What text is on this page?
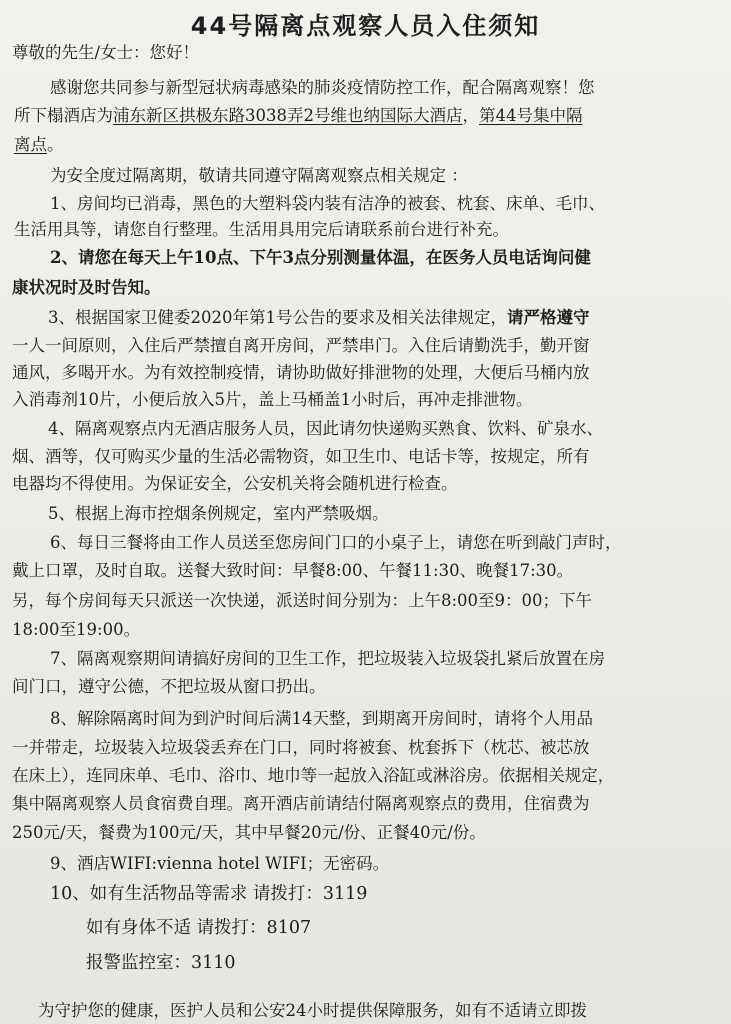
44号隔离点观察人员入住须知
尊敬的先生/女士：您好！
感谢您共同参与新型冠状病毒感染的肺炎疫情防控工作，配合隔离观察！您
所下榻酒店为浦东新区拱极东路3038弄2号维也纳国际大酒店，第44号集中隔
离点。
为安全度过隔离期，敬请共同遵守隔离观察点相关规定 ：
1、房间均已消毒，黑色的大塑料袋内装有洁净的被套、枕套、床单、毛巾、
生活用具等，请您自行整理。生活用具用完后请联系前台进行补充。
2、请您在每天上午10点、下午3点分别测量体温，在医务人员电话询问健
康状况时及时告知。
3、根据国家卫健委2020年第1号公告的要求及相关法律规定，请严格遵守
一人一间原则，入住后严禁擅自离开房间，严禁串门。入住后请勤洗手，勤开窗
通风，多喝开水。为有效控制疫情，请协助做好排泄物的处理，大便后马桶内放
入消毒剂10片，小便后放入5片，盖上马桶盖1小时后，再冲走排泄物。
4、隔离观察点内无酒店服务人员，因此请勿快递购买熟食、饮料、矿泉水、
烟、酒等，仅可购买少量的生活必需物资，如卫生巾、电话卡等，按规定，所有
电器均不得使用。为保证安全，公安机关将会随机进行检查。
5、根据上海市控烟条例规定，室内严禁吸烟。
6、每日三餐将由工作人员送至您房间门口的小桌子上，请您在听到敲门声时，
戴上口罩，及时自取。送餐大致时间：早餐8:00、午餐11:30、晚餐17:30。
另，每个房间每天只派送一次快递，派送时间分别为：上午8:00至9：00；下午
18:00至19:00。
7、隔离观察期间请搞好房间的卫生工作，把垃圾装入垃圾袋扎紧后放置在房
间门口，遵守公德，不把垃圾从窗口扔出。
8、解除隔离时间为到沪时间后满14天整，到期离开房间时，请将个人用品
一并带走，垃圾装入垃圾袋丢弃在门口，同时将被套、枕套拆下（枕芯、被芯放
在床上），连同床单、毛巾、浴巾、地巾等一起放入浴缸或淋浴房。依据相关规定，
集中隔离观察人员食宿费自理。离开酒店前请结付隔离观察点的费用，住宿费为
250元/天，餐费为100元/天，其中早餐20元/份、正餐40元/份。
9、酒店WIFI:vienna hotel WIFI；无密码。
10、如有生活物品等需求 请拨打：3119
如有身体不适 请拨打：8107
报警监控室：3110
为守护您的健康，医护人员和公安24小时提供保障服务，如有不适请立即拨
